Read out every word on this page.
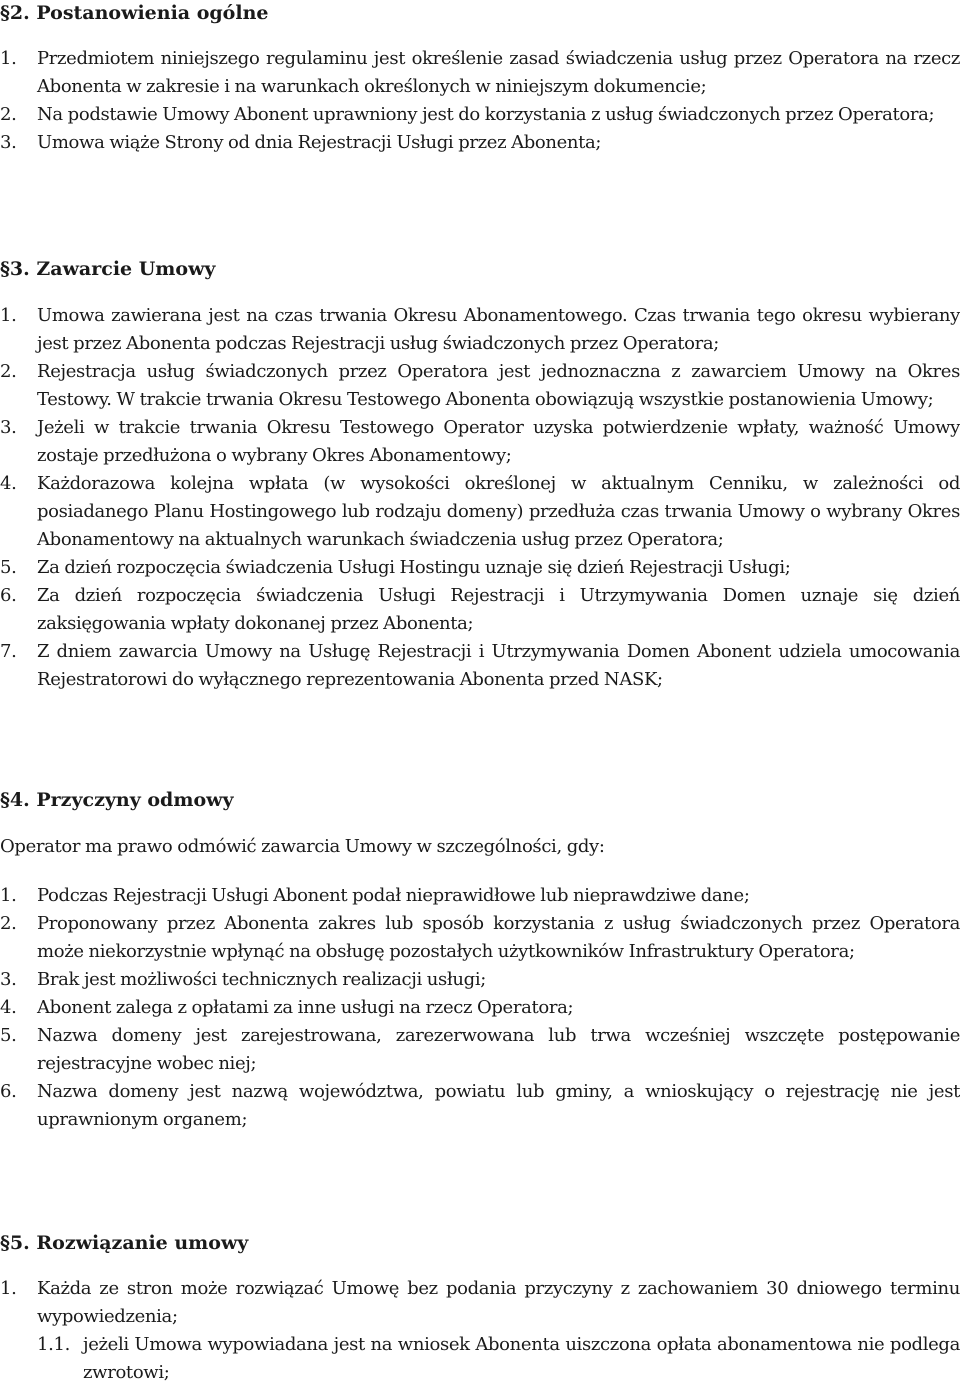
§2. Postanowienia ogólne
1. Przedmiotem niniejszego regulaminu jest określenie zasad świadczenia usług przez Operatora na rzecz Abonenta w zakresie i na warunkach określonych w niniejszym dokumencie;
2. Na podstawie Umowy Abonent uprawniony jest do korzystania z usług świadczonych przez Operatora;
3. Umowa wiąże Strony od dnia Rejestracji Usługi przez Abonenta;
§3. Zawarcie Umowy
1. Umowa zawierana jest na czas trwania Okresu Abonamentowego. Czas trwania tego okresu wybierany jest przez Abonenta podczas Rejestracji usług świadczonych przez Operatora;
2. Rejestracja usług świadczonych przez Operatora jest jednoznaczna z zawarciem Umowy na Okres Testowy. W trakcie trwania Okresu Testowego Abonenta obowiązują wszystkie postanowienia Umowy;
3. Jeżeli w trakcie trwania Okresu Testowego Operator uzyska potwierdzenie wpłaty, ważność Umowy zostaje przedłużona o wybrany Okres Abonamentowy;
4. Każdorazowa kolejna wpłata (w wysokości określonej w aktualnym Cenniku, w zależności od posiadanego Planu Hostingowego lub rodzaju domeny) przedłuża czas trwania Umowy o wybrany Okres Abonamentowy na aktualnych warunkach świadczenia usług przez Operatora;
5. Za dzień rozpoczęcia świadczenia Usługi Hostingu uznaje się dzień Rejestracji Usługi;
6. Za dzień rozpoczęcia świadczenia Usługi Rejestracji i Utrzymywania Domen uznaje się dzień zaksięgowania wpłaty dokonanej przez Abonenta;
7. Z dniem zawarcia Umowy na Usługę Rejestracji i Utrzymywania Domen Abonent udziela umocowania Rejestratorowi do wyłącznego reprezentowania Abonenta przed NASK;
§4. Przyczyny odmowy

Operator ma prawo odmówić zawarcia Umowy w szczególności, gdy:

1. Podczas Rejestracji Usługi Abonent podał nieprawidłowe lub nieprawdziwe dane;
2. Proponowany przez Abonenta zakres lub sposób korzystania z usług świadczonych przez Operatora może niekorzystnie wpłynąć na obsługę pozostałych użytkowników Infrastruktury Operatora;
3. Brak jest możliwości technicznych realizacji usługi;
4. Abonent zalega z opłatami za inne usługi na rzecz Operatora;
5. Nazwa domeny jest zarejestrowana, zarezerwowana lub trwa wcześniej wszczęte postępowanie rejestracyjne wobec niej;
6. Nazwa domeny jest nazwą województwa, powiatu lub gminy, a wnioskujący o rejestrację nie jest uprawnionym organem;
§5. Rozwiązanie umowy
1. Każda ze stron może rozwiązać Umowę bez podania przyczyny z zachowaniem 30 dniowego terminu wypowiedzenia;
1.1. jeżeli Umowa wypowiadana jest na wniosek Abonenta uiszczona opłata abonamentowa nie podlega zwrotowi;
